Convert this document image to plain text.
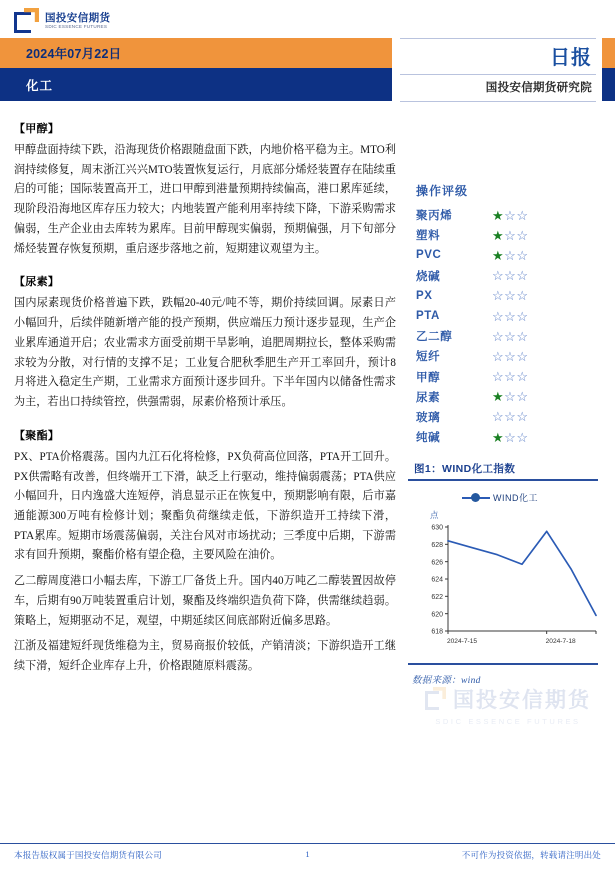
国投安信期货
SDIC ESSENCE FUTURES
2024年07月22日
化工
日报
国投安信期货研究院

【甲醇】

甲醇盘面持续下跌，沿海现货价格跟随盘面下跌，内地价格平稳为主。MTO利润持续修复，周末浙江兴兴MTO装置恢复运行，月底部分烯烃装置存在陆续重启的可能；国际装置高开工，进口甲醇到港量预期持续偏高，港口累库延续，现阶段沿海地区库存压力较大；内地装置产能利用率持续下降，下游采购需求偏弱，生产企业由去库转为累库。目前甲醇现实偏弱，预期偏强，月下旬部分烯烃装置存恢复预期，重启逐步落地之前，短期建议观望为主。

【尿素】

国内尿素现货价格普遍下跌，跌幅20-40元/吨不等，期价持续回调。尿素日产小幅回升，后续伴随新增产能的投产预期，供应端压力预计逐步显现，生产企业累库通道开启；农业需求方面受前期干旱影响，追肥周期拉长，整体采购需求较为分散，对行情的支撑不足；工业复合肥秋季肥生产开工率回升，预计8月将进入稳定生产期，工业需求方面预计逐步回升。下半年国内以储备性需求为主，若出口持续管控，供强需弱，尿素价格预计承压。

【聚酯】

PX、PTA价格震荡。国内九江石化将检修，PX负荷高位回落，PTA开工回升。PX供需略有改善，但终端开工下滑，缺乏上行驱动，维持偏弱震荡；PTA供应小幅回升，日内逸盛大连短停，消息显示正在恢复中，预期影响有限，后市嘉通能源300万吨有检修计划；聚酯负荷继续走低，下游织造开工持续下滑，PTA累库。短期市场震荡偏弱，关注台风对市场扰动；三季度中后期，下游需求有回升预期，聚酯价格有望企稳，主要风险在油价。

乙二醇周度港口小幅去库，下游工厂备货上升。国内40万吨乙二醇装置因故停车，后期有90万吨装置重启计划，聚酯及终端织造负荷下降，供需继续趋弱。策略上，短期驱动不足，观望，中期延续区间底部附近偏多思路。

江浙及福建短纤现货维稳为主，贸易商报价较低，产销清淡；下游织造开工继续下滑，短纤企业库存上升，价格跟随原料震荡。

操作评级
聚丙烯	★☆☆
塑料	★☆☆
PVC	★☆☆
烧碱	☆☆☆
PX	☆☆☆
PTA	☆☆☆
乙二醇	☆☆☆
短纤	☆☆☆
甲醇	☆☆☆
尿素	★☆☆
玻璃	☆☆☆
纯碱	★☆☆
图1：WIND化工指数
WIND化工
点
618
620
622
624
626
628
630
2024-7-15	2024-7-18
数据来源：wind
国投安信期货
SDIC ESSENCE FUTURES
本报告版权属于国投安信期货有限公司	1	不可作为投资依据，转载请注明出处
